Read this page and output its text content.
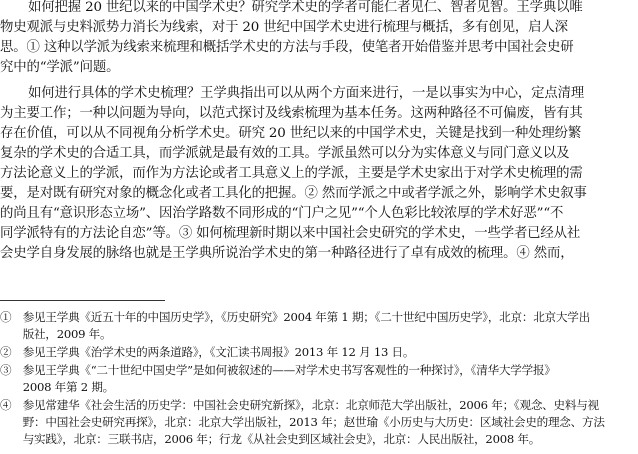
如何把握 20 世纪以来的中国学术史？研究学术史的学者可能仁者见仁、智者见智。王学典以唯
物史观派与史料派势力消长为线索，对于 20 世纪中国学术史进行梳理与概括，多有创见，启人深
思。① 这种以学派为线索来梳理和概括学术史的方法与手段，使笔者开始借鉴并思考中国社会史研
究中的“学派”问题。
如何进行具体的学术史梳理？王学典指出可以从两个方面来进行，一是以事实为中心，定点清理
为主要工作；一种以问题为导向，以范式探讨及线索梳理为基本任务。这两种路径不可偏废，皆有其
存在价值，可以从不同视角分析学术史。研究 20 世纪以来的中国学术史，关键是找到一种处理纷繁
复杂的学术史的合适工具，而学派就是最有效的工具。学派虽然可以分为实体意义与同门意义以及
方法论意义上的学派，而作为方法论或者工具意义上的学派，主要是学术史家出于对学术史梳理的需
要，是对既有研究对象的概念化或者工具化的把握。② 然而学派之中或者学派之外，影响学术史叙事
的尚且有“意识形态立场”、因治学路数不同形成的“门户之见”“个人色彩比较浓厚的学术好恶”“不
同学派特有的方法论自恋”等。③ 如何梳理新时期以来中国社会史研究的学术史，一些学者已经从社
会史学自身发展的脉络也就是王学典所说治学术史的第一种路径进行了卓有成效的梳理。④ 然而，
①　参见王学典《近五十年的中国历史学》，《历史研究》2004 年第 1 期；《二十世纪中国历史学》，北京：北京大学出
　　版社，2009 年。
②　参见王学典《治学术史的两条道路》，《文汇读书周报》2013 年 12 月 13 日。
③　参见王学典《“二十世纪中国史学”是如何被叙述的——对学术史书写客观性的一种探讨》，《清华大学学报》
　　2008 年第 2 期。
④　参见常建华《社会生活的历史学：中国社会史研究新探》，北京：北京师范大学出版社，2006 年；《观念、史料与视
　　野：中国社会史研究再探》，北京：北京大学出版社，2013 年；赵世瑜《小历史与大历史：区域社会史的理念、方法
　　与实践》，北京：三联书店，2006 年；行龙《从社会史到区域社会史》，北京：人民出版社，2008 年。
